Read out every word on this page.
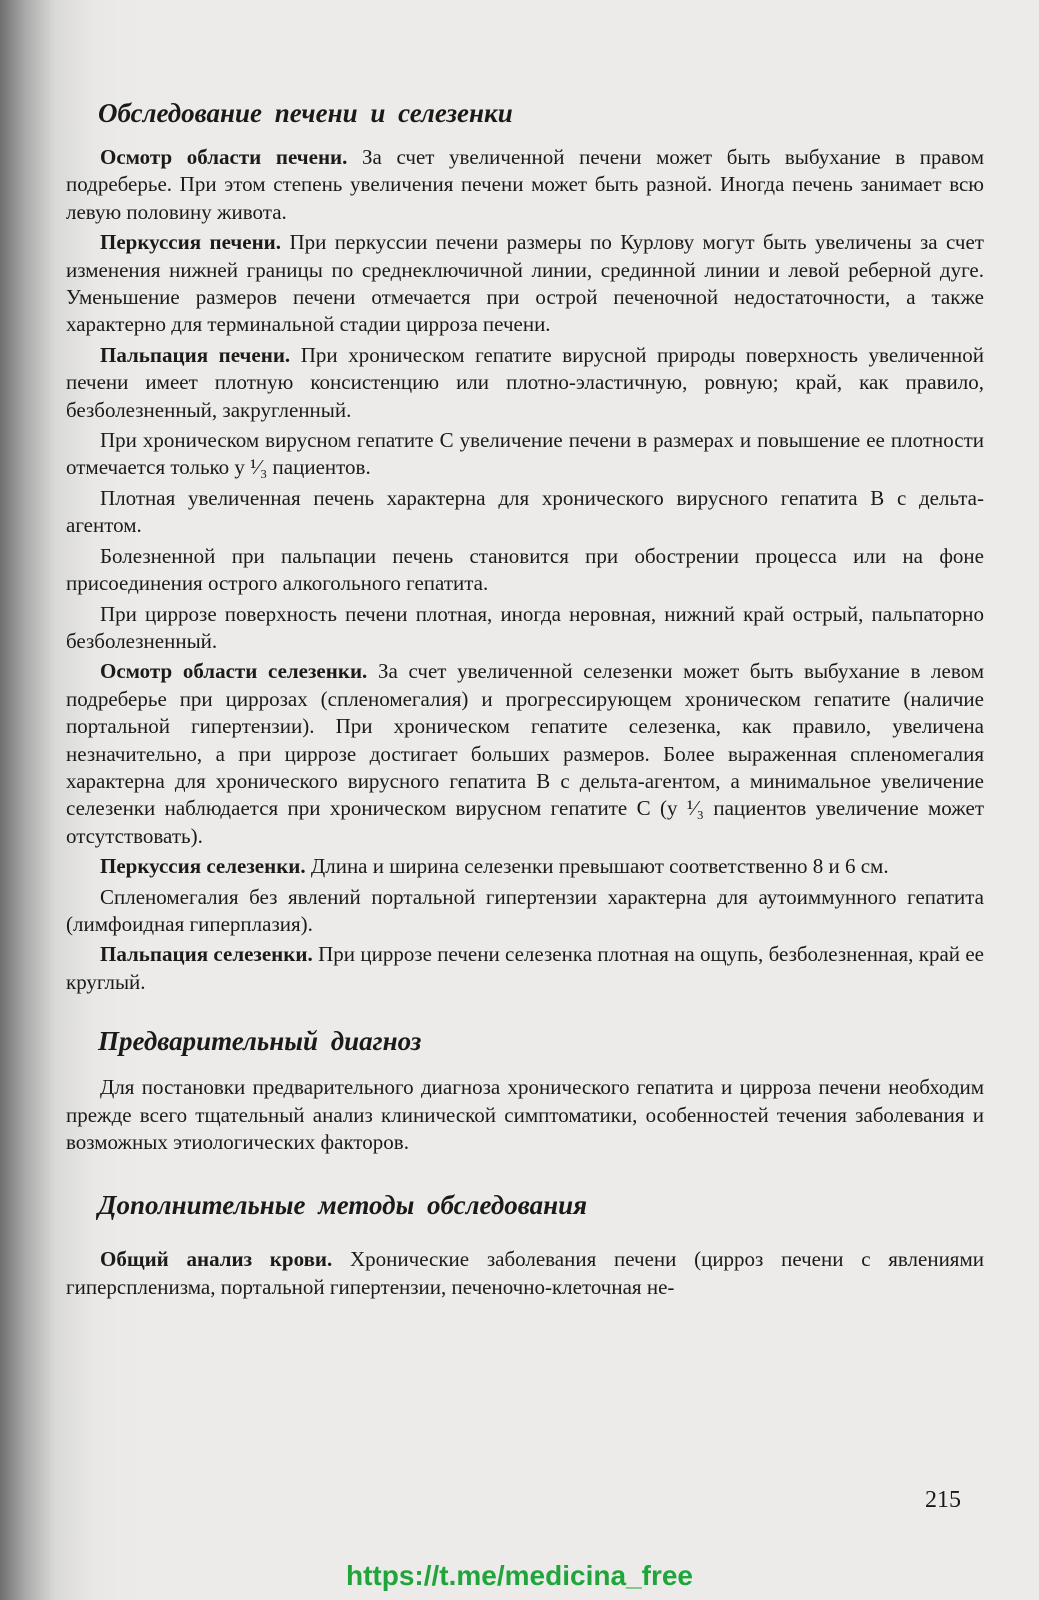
Обследование печени и селезенки

Осмотр области печени. За счет увеличенной печени может быть выбухание в правом подреберье. При этом степень увеличения печени может быть разной. Иногда печень занимает всю левую половину живота.

Перкуссия печени. При перкуссии печени размеры по Курлову могут быть увеличены за счет изменения нижней границы по среднеключичной линии, срединной линии и левой реберной дуге. Уменьшение размеров печени отмечается при острой печеночной недостаточности, а также характерно для терминальной стадии цирроза печени.

Пальпация печени. При хроническом гепатите вирусной природы поверхность увеличенной печени имеет плотную консистенцию или плотно-эластичную, ровную; край, как правило, безболезненный, закругленный.

При хроническом вирусном гепатите С увеличение печени в размерах и повышение ее плотности отмечается только у ¹⁄₃ пациентов.

Плотная увеличенная печень характерна для хронического вирусного гепатита В с дельта-агентом.

Болезненной при пальпации печень становится при обострении процесса или на фоне присоединения острого алкогольного гепатита.

При циррозе поверхность печени плотная, иногда неровная, нижний край острый, пальпаторно безболезненный.

Осмотр области селезенки. За счет увеличенной селезенки может быть выбухание в левом подреберье при циррозах (спленомегалия) и прогрессирующем хроническом гепатите (наличие портальной гипертензии). При хроническом гепатите селезенка, как правило, увеличена незначительно, а при циррозе достигает больших размеров. Более выраженная спленомегалия характерна для хронического вирусного гепатита В с дельта-агентом, а минимальное увеличение селезенки наблюдается при хроническом вирусном гепатите С (у ¹⁄₃ пациентов увеличение может отсутствовать).

Перкуссия селезенки. Длина и ширина селезенки превышают соответственно 8 и 6 см.

Спленомегалия без явлений портальной гипертензии характерна для аутоиммунного гепатита (лимфоидная гиперплазия).

Пальпация селезенки. При циррозе печени селезенка плотная на ощупь, безболезненная, край ее круглый.

Предварительный диагноз

Для постановки предварительного диагноза хронического гепатита и цирроза печени необходим прежде всего тщательный анализ клинической симптоматики, особенностей течения заболевания и возможных этиологических факторов.

Дополнительные методы обследования

Общий анализ крови. Хронические заболевания печени (цирроз печени с явлениями гиперспленизма, портальной гипертензии, печеночно-клеточная не-

215
https://t.me/medicina_free
